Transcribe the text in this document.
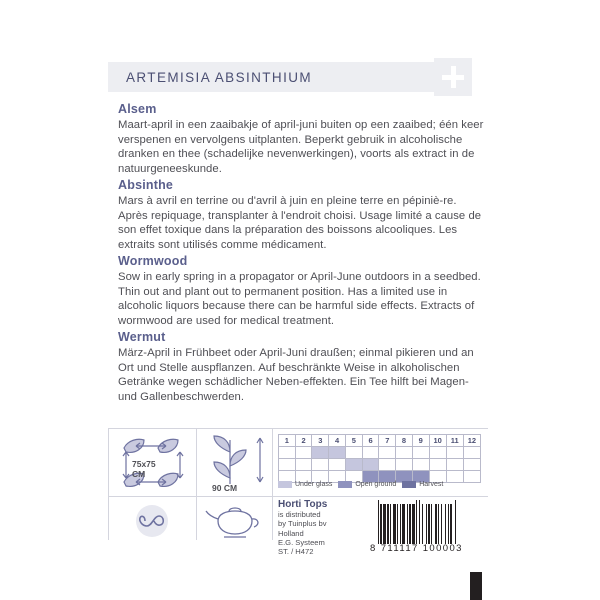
ARTEMISIA ABSINTHIUM
Alsem

Maart-april in een zaaibakje of april-juni buiten op een zaaibed; één keer verspenen en vervolgens uitplanten. Beperkt gebruik in alcoholische dranken en thee (schadelijke nevenwerkingen), voorts als extract in de natuurgeneeskunde.

Absinthe

Mars à avril en terrine ou d'avril à juin en pleine terre en pépiniè-re. Après repiquage, transplanter à l'endroit choisi. Usage limité a cause de son effet toxique dans la préparation des boissons alcooliques. Les extraits sont utilisés comme médicament.

Wormwood

Sow in early spring in a propagator or April-June outdoors in a seedbed. Thin out and plant out to permanent position. Has a limited use in alcoholic liquors because there can be harmful side effects. Extracts of wormwood are used for medical treatment.

Wermut

März-April in Frühbeet oder April-Juni draußen; einmal pikieren und an Ort und Stelle auspflanzen. Auf beschränkte Weise in alkoholischen Getränke wegen schädlicher Neben-effekten. Ein Tee hilft bei Magen- und Gallenbeschwerden.

75x75
CM
90 CM
1	2	3	4	5	6	7	8	9	10	11	12

Under glass	Open ground	Harvest
Horti Tops
is distributed
by Tuinplus bv
Holland
E.G. Systeem
ST. / H472	8 711117 100003
